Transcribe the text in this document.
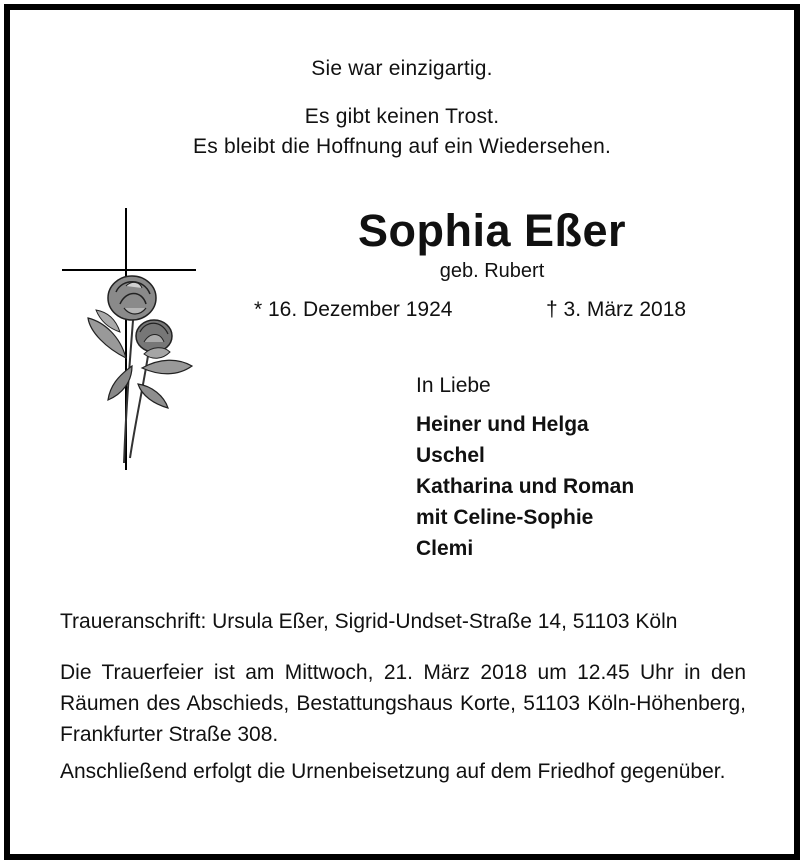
Sie war einzigartig.
Es gibt keinen Trost.
Es bleibt die Hoffnung auf ein Wiedersehen.
Sophia Eßer
geb. Rubert
* 16. Dezember 1924	† 3. März 2018
In Liebe
Heiner und Helga
Uschel
Katharina und Roman
mit Celine-Sophie
Clemi
Traueranschrift: Ursula Eßer, Sigrid-Undset-Straße 14, 51103 Köln
Die Trauerfeier ist am Mittwoch, 21. März 2018 um 12.45 Uhr in den Räumen des Abschieds, Bestattungshaus Korte, 51103 Köln-Höhenberg, Frankfurter Straße 308.
Anschließend erfolgt die Urnenbeisetzung auf dem Friedhof gegenüber.
